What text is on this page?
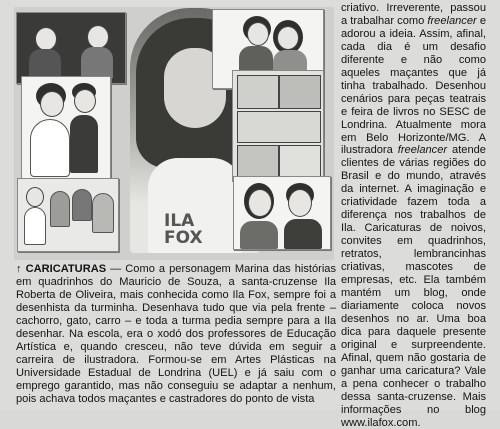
ILA FOX

criativo. Irreverente, passou a trabalhar como freelancer e adorou a ideia. Assim, afinal, cada dia é um desafio diferente e não como aqueles maçantes que já tinha trabalhado. Desenhou cenários para peças teatrais e feira de livros no SESC de Londrina. Atualmente mora em Belo Horizonte/MG. A ilustradora freelancer atende clientes de várias regiões do Brasil e do mundo, através da internet. A imaginação e criatividade fazem toda a diferença nos trabalhos de Ila. Caricaturas de noivos, convites em quadrinhos, retratos, lembrancinhas criativas, mascotes de empresas, etc. Ela também mantém um blog, onde diariamente coloca novos desenhos no ar. Uma boa dica para daquele presente original e surpreendente. Afinal, quem não gostaria de ganhar uma caricatura? Vale a pena conhecer o trabalho dessa santa-cruzense. Mais informações no blog www.ilafox.com.

↑ CARICATURAS — Como a personagem Marina das histórias em quadrinhos do Mauricio de Souza, a santa-cruzense Ila Roberta de Oliveira, mais conhecida como Ila Fox, sempre foi a desenhista da turminha. Desenhava tudo que via pela frente – cachorro, gato, carro – e toda a turma pedia sempre para a Ila desenhar. Na escola, era o xodó dos professores de Educação Artística e, quando cresceu, não teve dúvida em seguir a carreira de ilustradora. Formou-se em Artes Plásticas na Universidade Estadual de Londrina (UEL) e já saiu com o emprego garantido, mas não conseguiu se adaptar a nenhum, pois achava todos maçantes e castradores do ponto de vista
